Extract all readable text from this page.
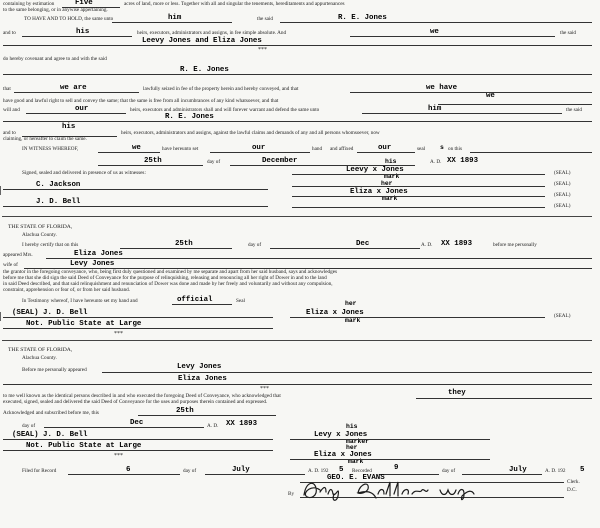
containing by estimation	Five	acres of land, more or less. Together with all and singular the tenements, hereditaments and appurtenances
to the same belonging, or in anywise appertaining.
TO HAVE AND TO HOLD, the same unto	him	the said	R. E. Jones
and to	his	heirs, executors, administrators and assigns, in fee simple absolute. And	we	the said
Leevy Jones and Eliza Jones
***
do hereby covenant and agree to and with the said
R. E. Jones
that	we are	lawfully seized in fee of the property herein and hereby conveyed, and that	we have
have good and lawful right to sell and convey the same; that the same is free from all incumbrances of any kind whatsoever, and that
we
will and	our	heirs, executors and administrators shall and will forever warrant and defend the same unto	him	the said
R. E. Jones
and to
his
heirs, executors, administrators and assigns, against the lawful claims and demands of any and all persons whomsoever, now
claiming, or hereafter to claim the same.
IN WITNESS WHEREOF,	we	have hereunto set	our	hand and affixed	our	seal s on this
25th	day of	December	A. D. XX 1893
Signed, sealed and delivered in presence of us as witnesses:
C. Jackson
J. D. Bell
his
Leevy x Jones
mark	(SEAL)
(SEAL)
her
Eliza x Jones
mark	(SEAL)
(SEAL)
THE STATE OF FLORIDA,
Alachua County.
I hereby certify that on this	25th	day of	Dec	A. D. XX 1893	before me personally
appeared Mrs.	Eliza Jones
wife of	Levy Jones
the grantor in the foregoing conveyance, who, being first duly questioned and examined by me separate and apart from her said husband, says and acknowledges
before me that she did sign the said Deed of Conveyance for the purpose of relinquishing, releasing and renouncing all her right of Dower in and to the land
in said Deed described, and that said relinquishment and renunciation of Dower was done and made by her freely and voluntarily and without any compulsion,
constraint, apprehension or fear of, or from her said husband.
In Testimony whereof, I have hereunto set my hand and	official	Seal
(SEAL) J. D. Bell
Not. Public State at Large
***
her
Eliza x Jones
mark
(SEAL)
THE STATE OF FLORIDA,
Alachua County.
Before me personally appeared	Levy Jones
Eliza Jones
***
to me well known as the identical persons described in and who executed the foregoing Deed of Conveyance, who acknowledged that	they
executed, signed, sealed and delivered the said Deed of Conveyance for the uses and purposes therein contained and expressed.
Acknowledged and subscribed before me, this	25th
day of	Dec	A. D. XX 1893
(SEAL) J. D. Bell
Not. Public State at Large
***
his
Levy x Jones
marker
her
Eliza x Jones
mark
Filed for Record	6	day of	July	A. D. 192 5 Recorded	9	day of	July	A. D. 192 5
GEO. E. EVANS	Clerk.
By
D.C.
